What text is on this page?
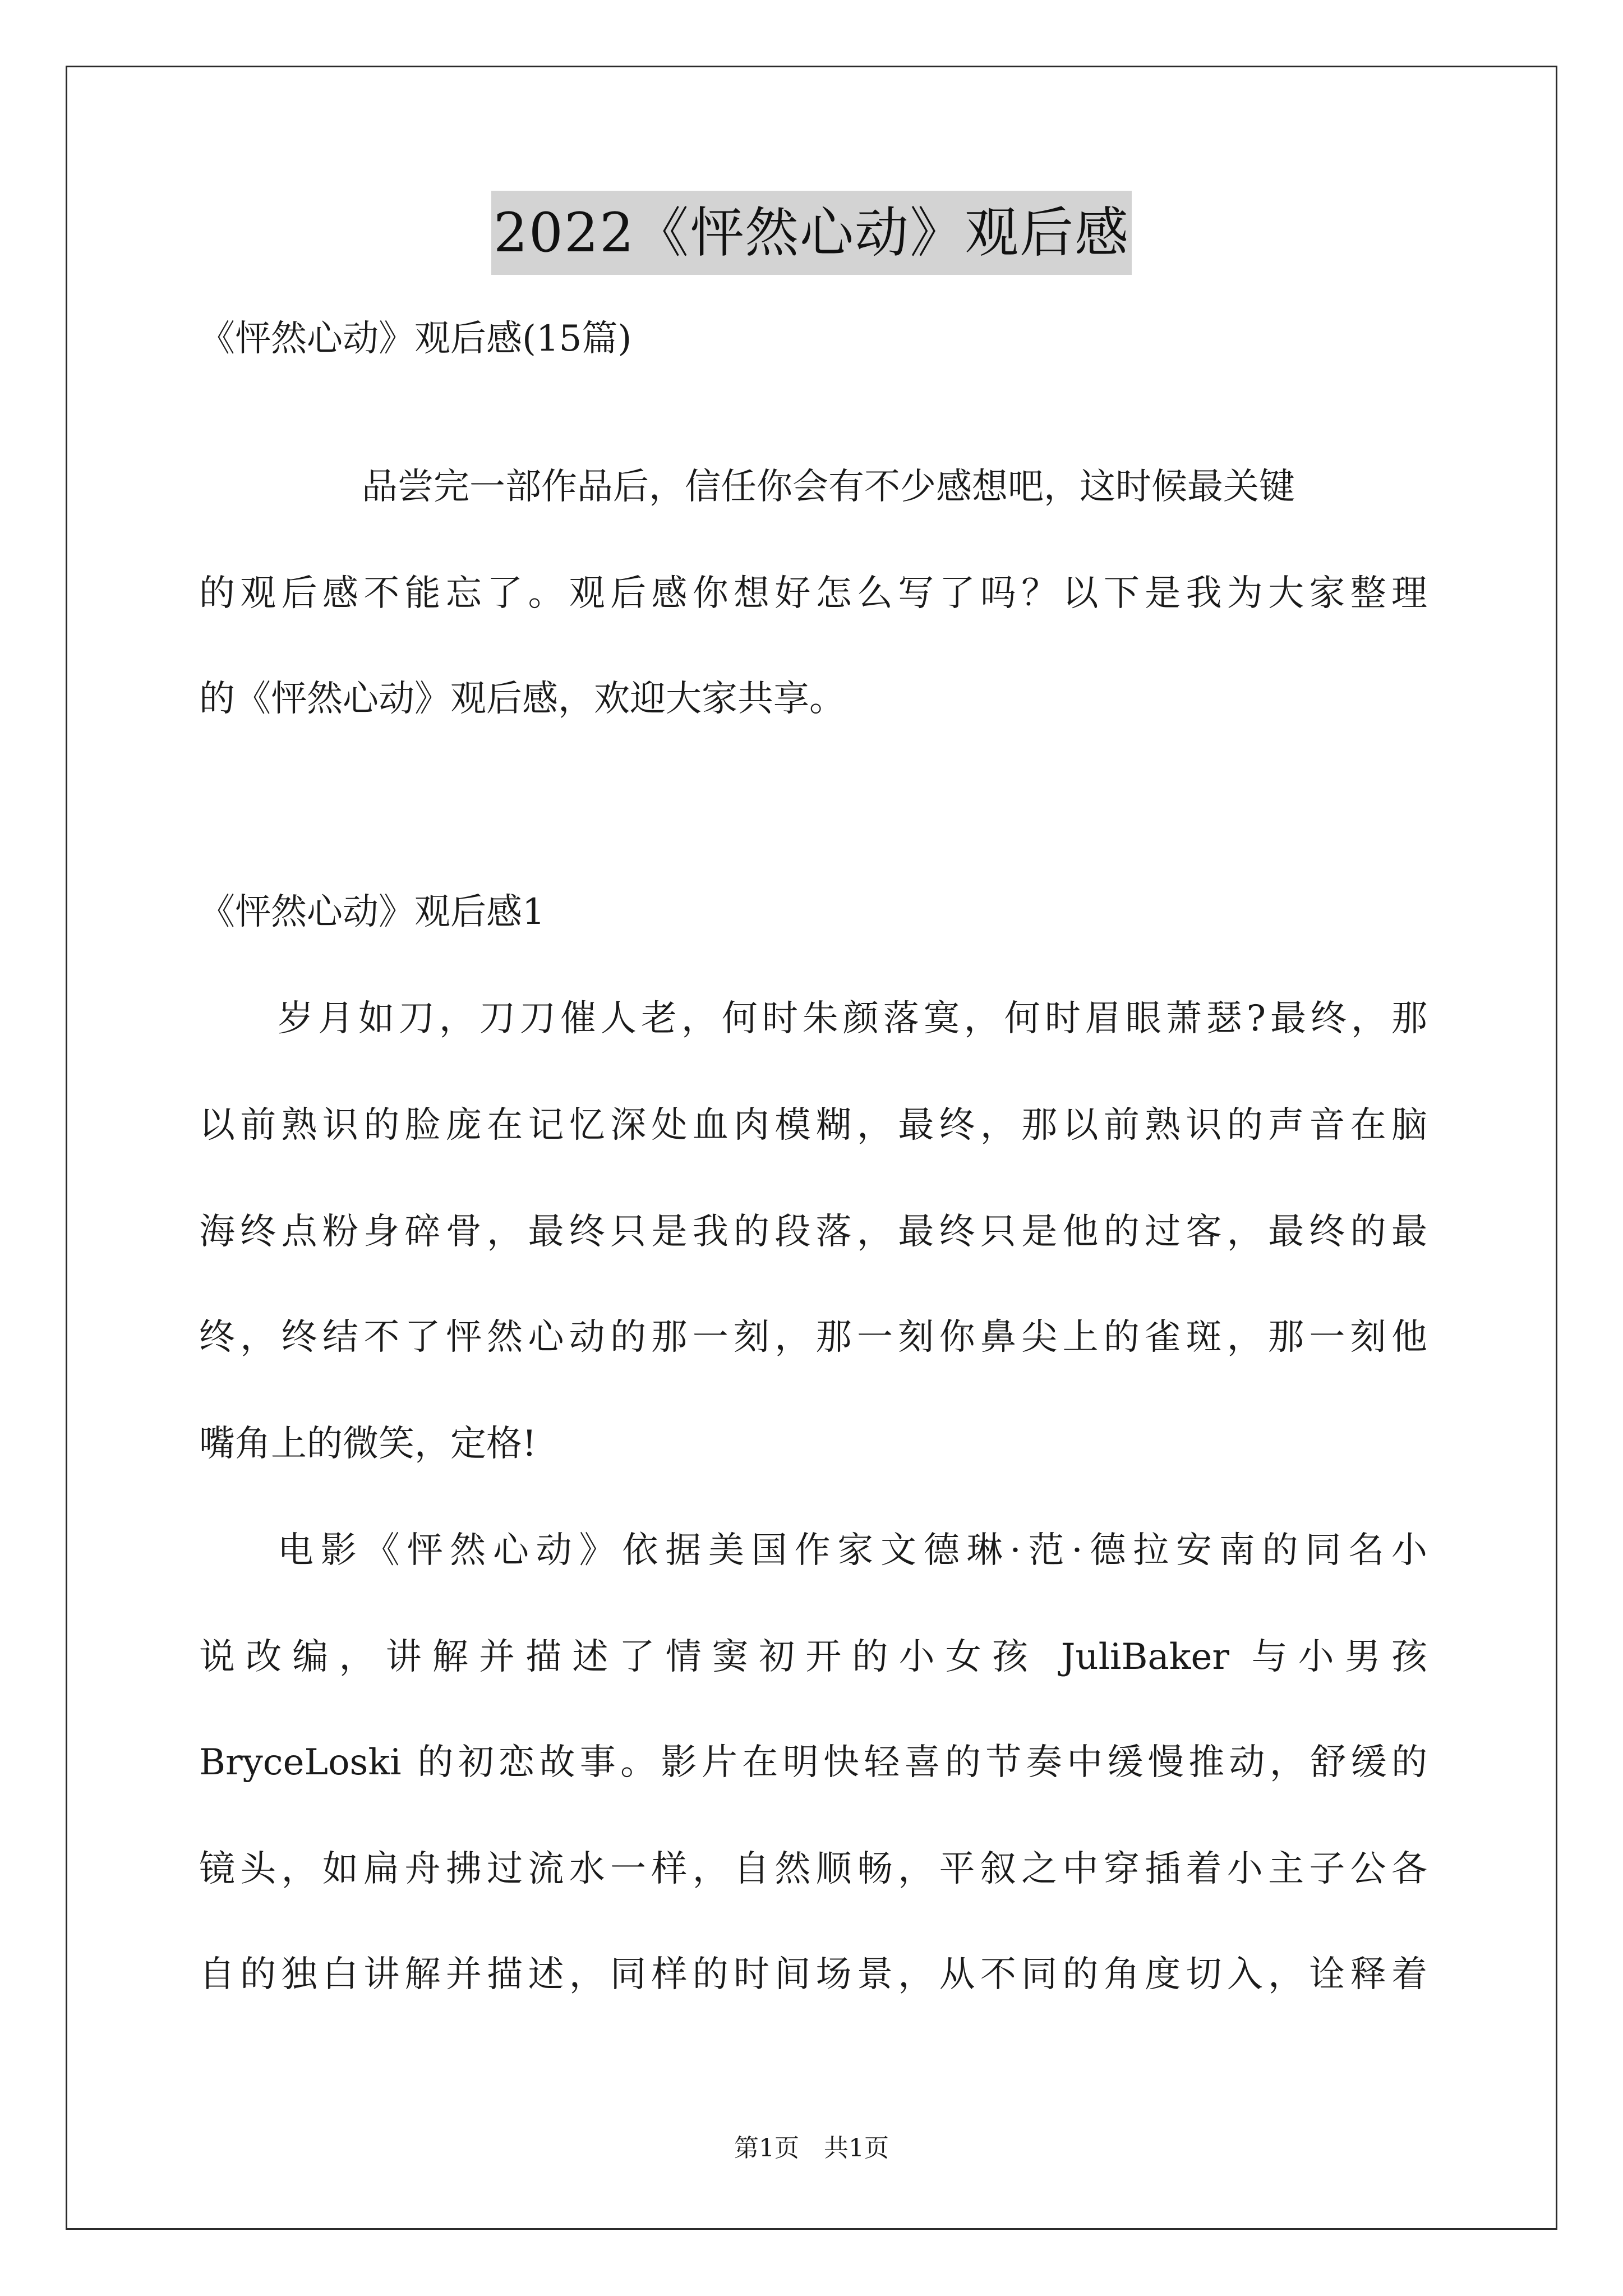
2022《怦然心动》观后感
《怦然心动》观后感(15篇)
品尝完一部作品后，信任你会有不少感想吧，这时候最关键
的观后感不能忘了。观后感你想好怎么写了吗？以下是我为大家整理
的《怦然心动》观后感，欢迎大家共享。
《怦然心动》观后感1
岁月如刀，刀刀催人老，何时朱颜落寞，何时眉眼萧瑟?最终，那
以前熟识的脸庞在记忆深处血肉模糊，最终，那以前熟识的声音在脑
海终点粉身碎骨，最终只是我的段落，最终只是他的过客，最终的最
终，终结不了怦然心动的那一刻，那一刻你鼻尖上的雀斑，那一刻他
嘴角上的微笑，定格!
电影《怦然心动》依据美国作家文德琳·范·德拉安南的同名小
说改编，讲解并描述了情窦初开的小女孩 JuliBaker 与小男孩
BryceLoski 的初恋故事。影片在明快轻喜的节奏中缓慢推动，舒缓的
镜头，如扁舟拂过流水一样，自然顺畅，平叙之中穿插着小主子公各
自的独白讲解并描述，同样的时间场景，从不同的角度切入，诠释着
第1页　共1页
